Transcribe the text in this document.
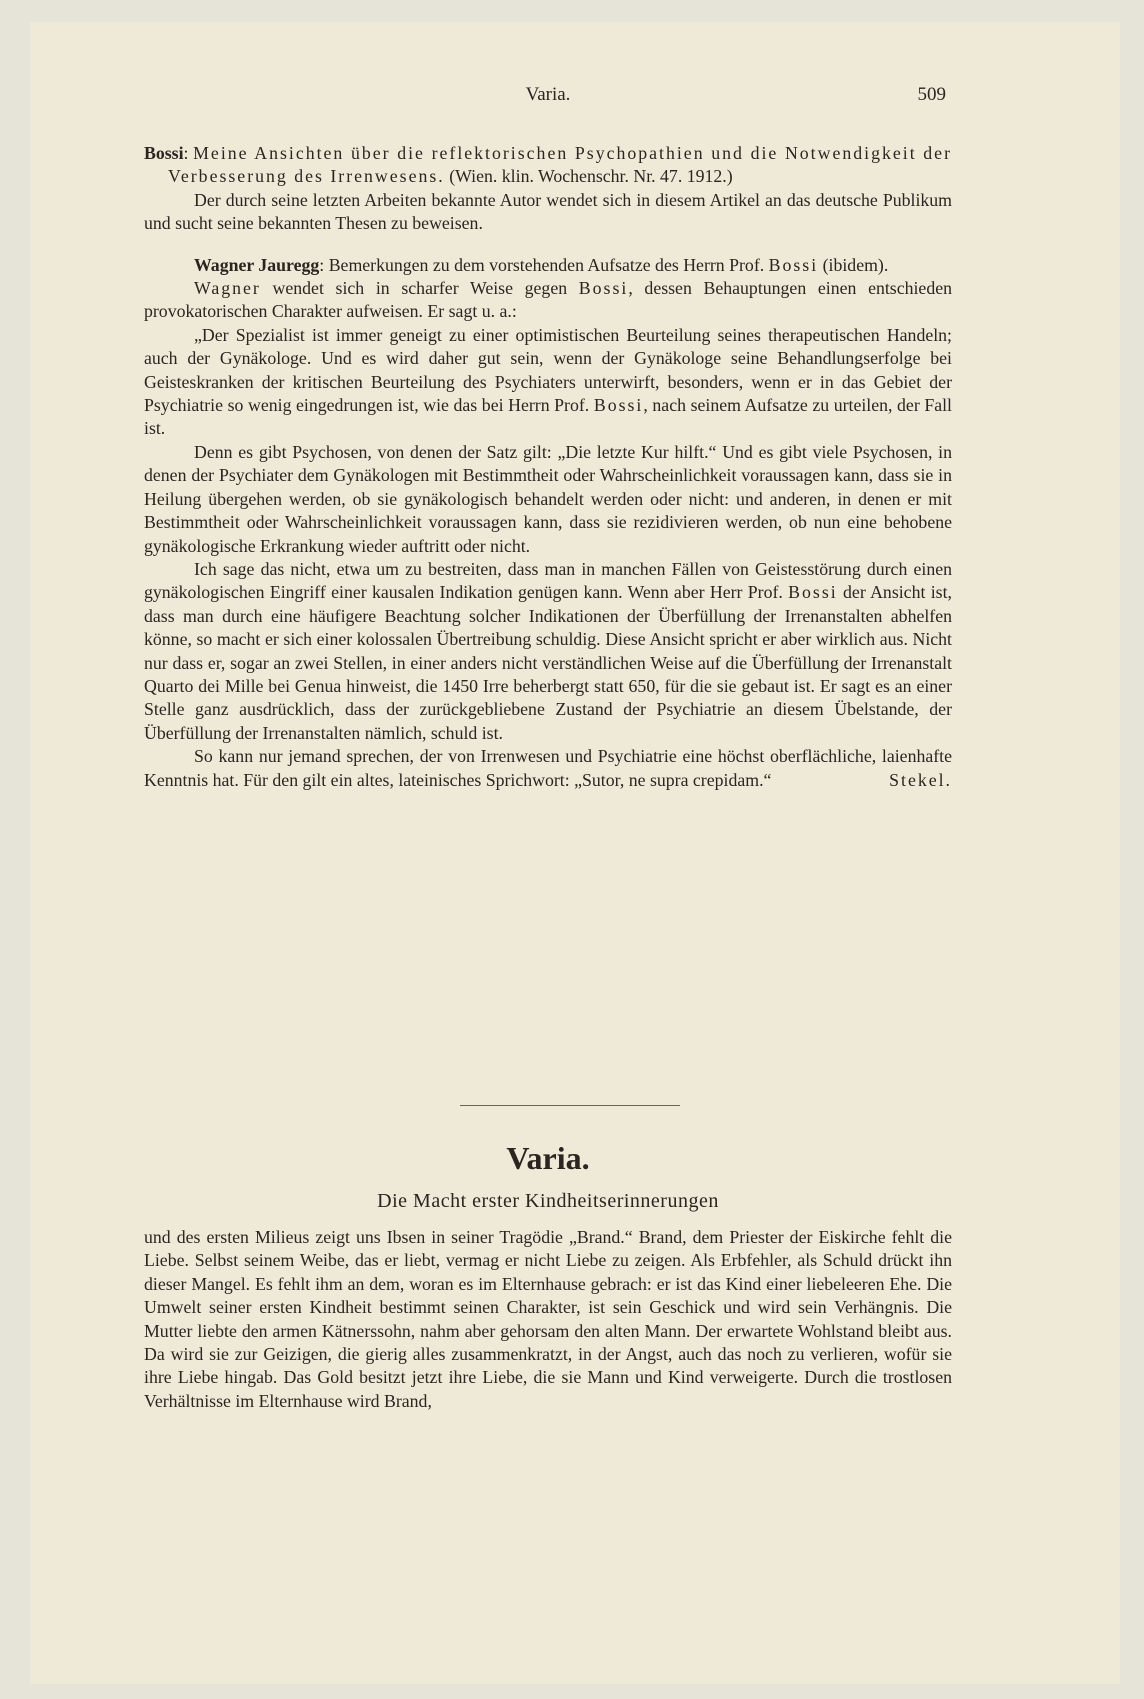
Varia.	509

Bossi: Meine Ansichten über die reflektorischen Psychopathien und die Notwendigkeit der Verbesserung des Irrenwesens. (Wien. klin. Wochenschr. Nr. 47. 1912.)

Der durch seine letzten Arbeiten bekannte Autor wendet sich in diesem Artikel an das deutsche Publikum und sucht seine bekannten Thesen zu beweisen.

Wagner Jauregg: Bemerkungen zu dem vorstehenden Aufsatze des Herrn Prof. Bossi (ibidem).

Wagner wendet sich in scharfer Weise gegen Bossi, dessen Behauptungen einen entschieden provokatorischen Charakter aufweisen. Er sagt u. a.:

„Der Spezialist ist immer geneigt zu einer optimistischen Beurteilung seines therapeutischen Handeln; auch der Gynäkologe. Und es wird daher gut sein, wenn der Gynäkologe seine Behandlungserfolge bei Geisteskranken der kritischen Beurteilung des Psychiaters unterwirft, besonders, wenn er in das Gebiet der Psychiatrie so wenig eingedrungen ist, wie das bei Herrn Prof. Bossi, nach seinem Aufsatze zu urteilen, der Fall ist.

Denn es gibt Psychosen, von denen der Satz gilt: „Die letzte Kur hilft.“ Und es gibt viele Psychosen, in denen der Psychiater dem Gynäkologen mit Bestimmtheit oder Wahrscheinlichkeit voraussagen kann, dass sie in Heilung übergehen werden, ob sie gynäkologisch behandelt werden oder nicht: und anderen, in denen er mit Bestimmtheit oder Wahrscheinlichkeit voraussagen kann, dass sie rezidivieren werden, ob nun eine behobene gynäkologische Erkrankung wieder auftritt oder nicht.

Ich sage das nicht, etwa um zu bestreiten, dass man in manchen Fällen von Geistesstörung durch einen gynäkologischen Eingriff einer kausalen Indikation genügen kann. Wenn aber Herr Prof. Bossi der Ansicht ist, dass man durch eine häufigere Beachtung solcher Indikationen der Überfüllung der Irrenanstalten abhelfen könne, so macht er sich einer kolossalen Übertreibung schuldig. Diese Ansicht spricht er aber wirklich aus. Nicht nur dass er, sogar an zwei Stellen, in einer anders nicht verständlichen Weise auf die Überfüllung der Irrenanstalt Quarto dei Mille bei Genua hinweist, die 1450 Irre beherbergt statt 650, für die sie gebaut ist. Er sagt es an einer Stelle ganz ausdrücklich, dass der zurückgebliebene Zustand der Psychiatrie an diesem Übelstande, der Überfüllung der Irrenanstalten nämlich, schuld ist.

So kann nur jemand sprechen, der von Irrenwesen und Psychiatrie eine höchst oberflächliche, laienhafte Kenntnis hat. Für den gilt ein altes, lateinisches Sprichwort: „Sutor, ne supra crepidam.“	Stekel.

Varia.
Die Macht erster Kindheitserinnerungen

und des ersten Milieus zeigt uns Ibsen in seiner Tragödie „Brand.“ Brand, dem Priester der Eiskirche fehlt die Liebe. Selbst seinem Weibe, das er liebt, vermag er nicht Liebe zu zeigen. Als Erbfehler, als Schuld drückt ihn dieser Mangel. Es fehlt ihm an dem, woran es im Elternhause gebrach: er ist das Kind einer liebeleeren Ehe. Die Umwelt seiner ersten Kindheit bestimmt seinen Charakter, ist sein Geschick und wird sein Verhängnis. Die Mutter liebte den armen Kätnerssohn, nahm aber gehorsam den alten Mann. Der erwartete Wohlstand bleibt aus. Da wird sie zur Geizigen, die gierig alles zusammenkratzt, in der Angst, auch das noch zu verlieren, wofür sie ihre Liebe hingab. Das Gold besitzt jetzt ihre Liebe, die sie Mann und Kind verweigerte. Durch die trostlosen Verhältnisse im Elternhause wird Brand,
